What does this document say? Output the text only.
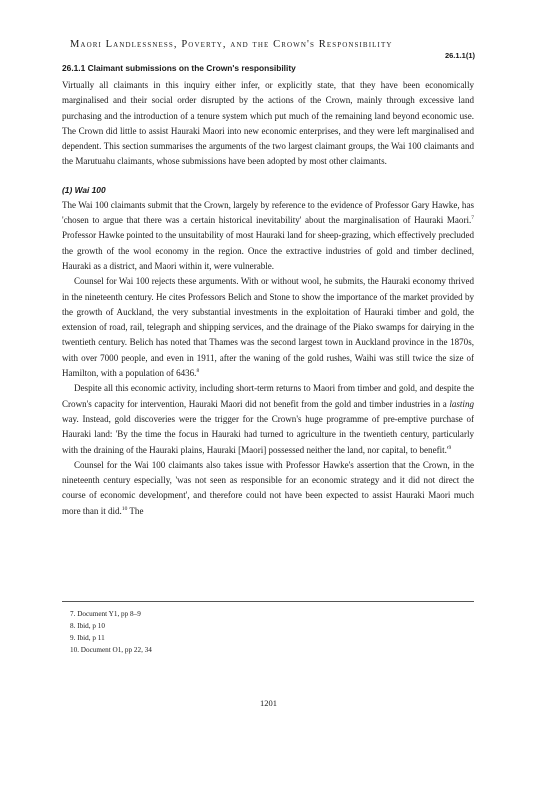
Maori Landlessness, Poverty, and the Crown's Responsibility
26.1.1(1)
26.1.1 Claimant submissions on the Crown's responsibility

Virtually all claimants in this inquiry either infer, or explicitly state, that they have been economically marginalised and their social order disrupted by the actions of the Crown, mainly through excessive land purchasing and the introduction of a tenure system which put much of the remaining land beyond economic use. The Crown did little to assist Hauraki Maori into new economic enterprises, and they were left marginalised and dependent. This section summarises the arguments of the two largest claimant groups, the Wai 100 claimants and the Marutuahu claimants, whose submissions have been adopted by most other claimants.

(1) Wai 100

The Wai 100 claimants submit that the Crown, largely by reference to the evidence of Professor Gary Hawke, has 'chosen to argue that there was a certain historical inevitability' about the marginalisation of Hauraki Maori.$^7$ Professor Hawke pointed to the unsuitability of most Hauraki land for sheep-grazing, which effectively precluded the growth of the wool economy in the region. Once the extractive industries of gold and timber declined, Hauraki as a district, and Maori within it, were vulnerable.

Counsel for Wai 100 rejects these arguments. With or without wool, he submits, the Hauraki economy thrived in the nineteenth century. He cites Professors Belich and Stone to show the importance of the market provided by the growth of Auckland, the very substantial investments in the exploitation of Hauraki timber and gold, the extension of road, rail, telegraph and shipping services, and the drainage of the Piako swamps for dairying in the twentieth century. Belich has noted that Thames was the second largest town in Auckland province in the 1870s, with over 7000 people, and even in 1911, after the waning of the gold rushes, Waihi was still twice the size of Hamilton, with a population of 6436.$^8$

Despite all this economic activity, including short-term returns to Maori from timber and gold, and despite the Crown's capacity for intervention, Hauraki Maori did not benefit from the gold and timber industries in a lasting way. Instead, gold discoveries were the trigger for the Crown's huge programme of pre-emptive purchase of Hauraki land: 'By the time the focus in Hauraki had turned to agriculture in the twentieth century, particularly with the draining of the Hauraki plains, Hauraki [Maori] possessed neither the land, nor capital, to $benefit.'^9$

Counsel for the Wai 100 claimants also takes issue with Professor Hawke's assertion that the Crown, in the nineteenth century especially, 'was not seen as responsible for an economic strategy and it did not direct the course of economic development', and therefore could not have been expected to assist Hauraki Maori much more than it did.$^{10}$ The

7. Document Y1, pp 8–9
8. Ibid, p 10
9. Ibid, p 11
10. Document O1, pp 22, 34
1201
